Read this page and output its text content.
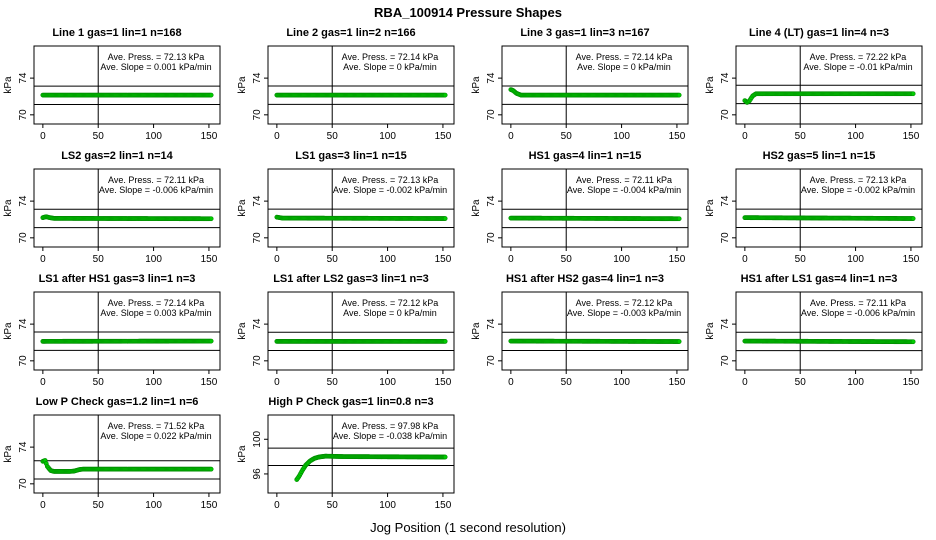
RBA_100914 Pressure Shapes
Line 1 gas=1 lin=1 n=168
0	50	100	150
70
74
kPa
Ave. Press. = 72.13 kPa
Ave. Slope = 0.001 kPa/min
Line 2 gas=1 lin=2 n=166
0	50	100	150
70
74
kPa
Ave. Press. = 72.14 kPa
Ave. Slope = 0 kPa/min
Line 3 gas=1 lin=3 n=167
0	50	100	150
70
74
kPa
Ave. Press. = 72.14 kPa
Ave. Slope = 0 kPa/min
Line 4 (LT) gas=1 lin=4 n=3
0	50	100	150
70
74
kPa
Ave. Press. = 72.22 kPa
Ave. Slope = -0.01 kPa/min
LS2 gas=2 lin=1 n=14
0	50	100	150
70
74
kPa
Ave. Press. = 72.11 kPa
Ave. Slope = -0.006 kPa/min
LS1 gas=3 lin=1 n=15
0	50	100	150
70
74
kPa
Ave. Press. = 72.13 kPa
Ave. Slope = -0.002 kPa/min
HS1 gas=4 lin=1 n=15
0	50	100	150
70
74
kPa
Ave. Press. = 72.11 kPa
Ave. Slope = -0.004 kPa/min
HS2 gas=5 lin=1 n=15
0	50	100	150
70
74
kPa
Ave. Press. = 72.13 kPa
Ave. Slope = -0.002 kPa/min
LS1 after HS1 gas=3 lin=1 n=3
0	50	100	150
70
74
kPa
Ave. Press. = 72.14 kPa
Ave. Slope = 0.003 kPa/min
LS1 after LS2 gas=3 lin=1 n=3
0	50	100	150
70
74
kPa
Ave. Press. = 72.12 kPa
Ave. Slope = 0 kPa/min
HS1 after HS2 gas=4 lin=1 n=3
0	50	100	150
70
74
kPa
Ave. Press. = 72.12 kPa
Ave. Slope = -0.003 kPa/min
HS1 after LS1 gas=4 lin=1 n=3
0	50	100	150
70
74
kPa
Ave. Press. = 72.11 kPa
Ave. Slope = -0.006 kPa/min
Low P Check gas=1.2 lin=1 n=6
0	50	100	150
70
74
kPa
Ave. Press. = 71.52 kPa
Ave. Slope = 0.022 kPa/min
High P Check gas=1 lin=0.8 n=3
0	50	100	150
96
100
kPa
Ave. Press. = 97.98 kPa
Ave. Slope = -0.038 kPa/min
Jog Position (1 second resolution)
